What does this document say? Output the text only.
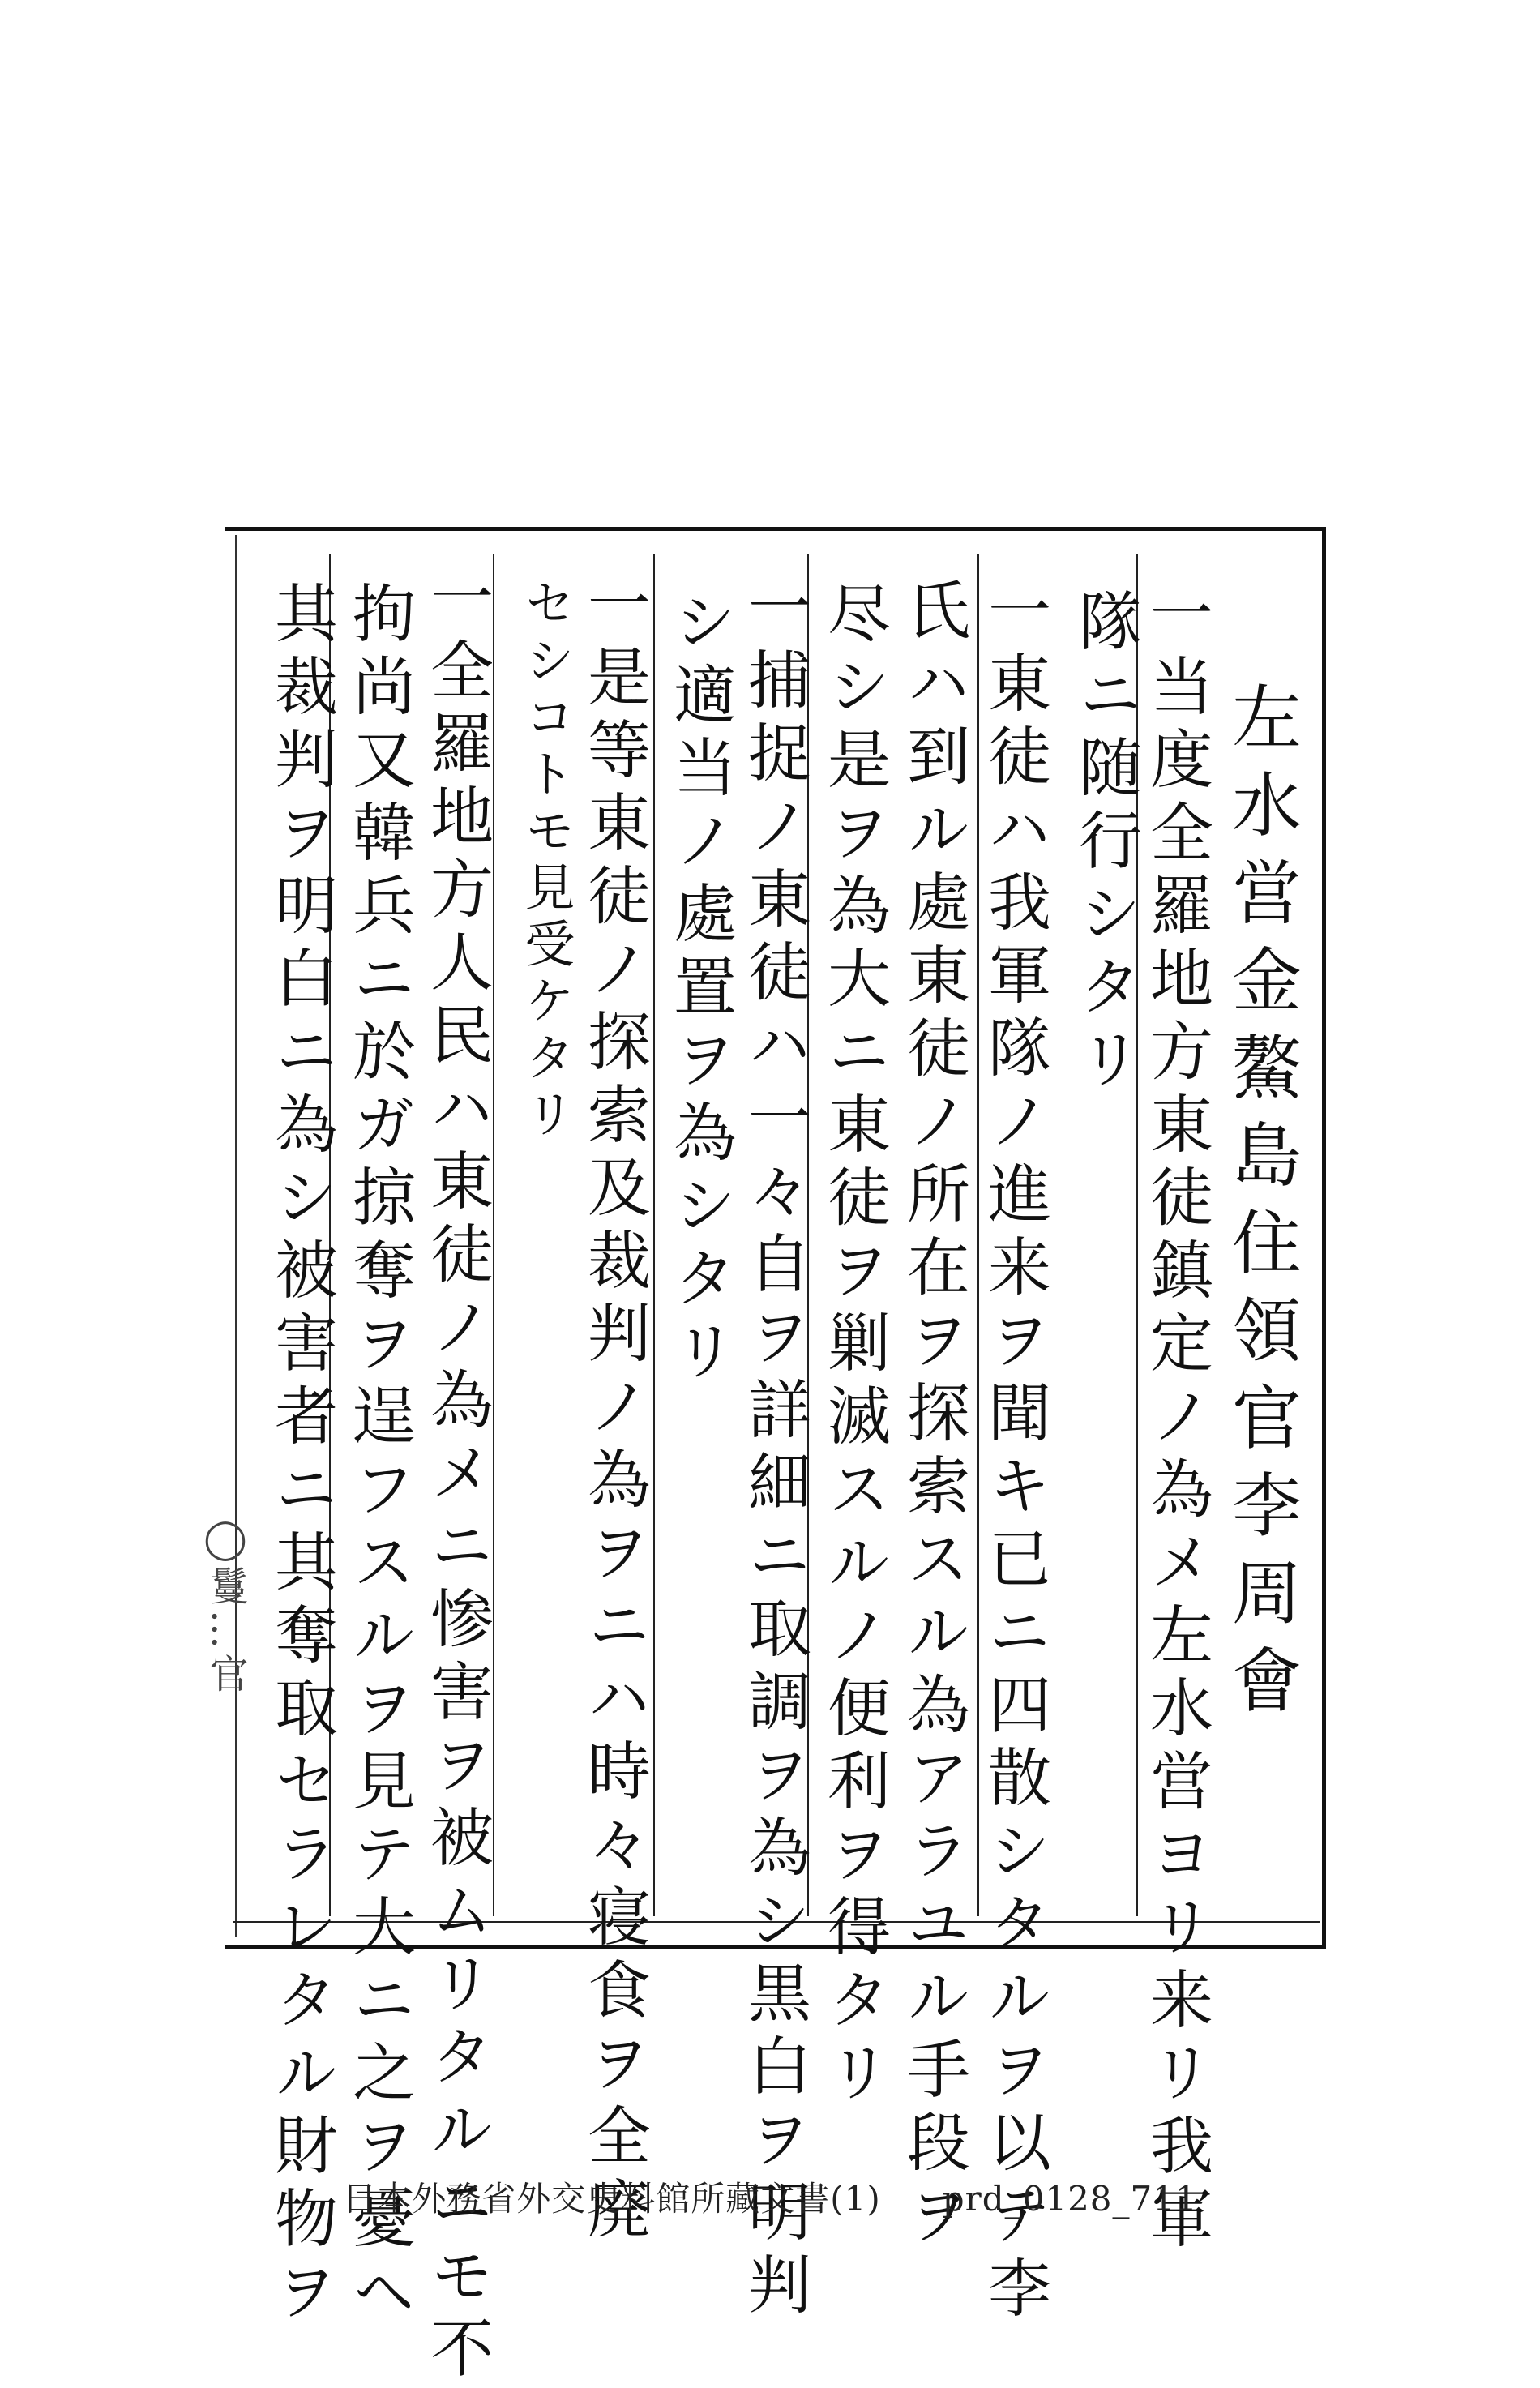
左水営金鰲島住領官李周會
一当度全羅地方東徒鎮定ノ為メ左水営ヨリ来リ我軍
隊ニ随行シタリ
一東徒ハ我軍隊ノ進来ヲ聞キ已ニ四散シタルヲ以テ李
氏ハ到ル處東徒ノ所在ヲ探索スル為アラユル手段ヲ
尽シ是ヲ為大ニ東徒ヲ剿滅スルノ便利ヲ得タリ
一捕捉ノ東徒ハ一々自ヲ詳細ニ取調ヲ為シ黒白ヲ明判
シ適当ノ處置ヲ為シタリ
一是等東徒ノ探索及裁判ノ為ヲニハ時々寝食ヲ全廃
セシコトモ見受ケタリ
一全羅地方人民ハ東徒ノ為メニ惨害ヲ被ムリタルニモ不
拘尚又韓兵ニ於ガ掠奪ヲ逞フスルヲ見テ大ニ之ヲ憂ヘ
其裁判ヲ明白ニ為シ被害者ニ其奪取セラレタル財物ヲ
◯鬘…官
日本外務省外交史料館所藏文書(1) prd_0128_711
